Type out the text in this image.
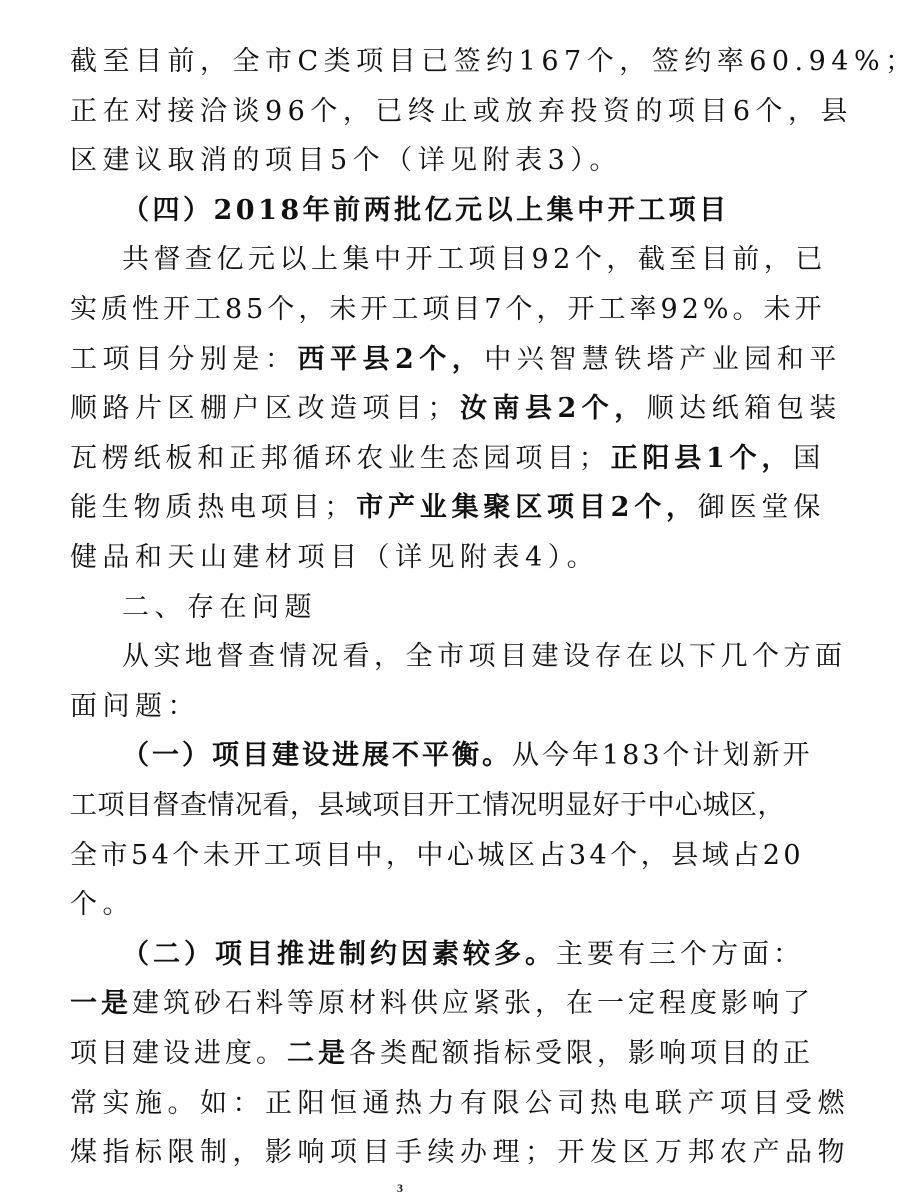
截至目前，全市C类项目已签约167个，签约率60.94%；
正在对接洽谈96个，已终止或放弃投资的项目6个，县
区建议取消的项目5个（详见附表3）。
（四）2018年前两批亿元以上集中开工项目
共督查亿元以上集中开工项目92个，截至目前，已
实质性开工85个，未开工项目7个，开工率92%。未开
工项目分别是：西平县2个，中兴智慧铁塔产业园和平
顺路片区棚户区改造项目；汝南县2个，顺达纸箱包装
瓦楞纸板和正邦循环农业生态园项目；正阳县1个，国
能生物质热电项目；市产业集聚区项目2个，御医堂保
健品和天山建材项目（详见附表4）。
二、存在问题
从实地督查情况看，全市项目建设存在以下几个方面
面问题：
（一）项目建设进展不平衡。从今年183个计划新开
工项目督查情况看，县域项目开工情况明显好于中心城区，
全市54个未开工项目中，中心城区占34个，县域占20
个。
（二）项目推进制约因素较多。主要有三个方面：
一是建筑砂石料等原材料供应紧张，在一定程度影响了
项目建设进度。二是各类配额指标受限，影响项目的正
常实施。如：正阳恒通热力有限公司热电联产项目受燃
煤指标限制，影响项目手续办理；开发区万邦农产品物
3
